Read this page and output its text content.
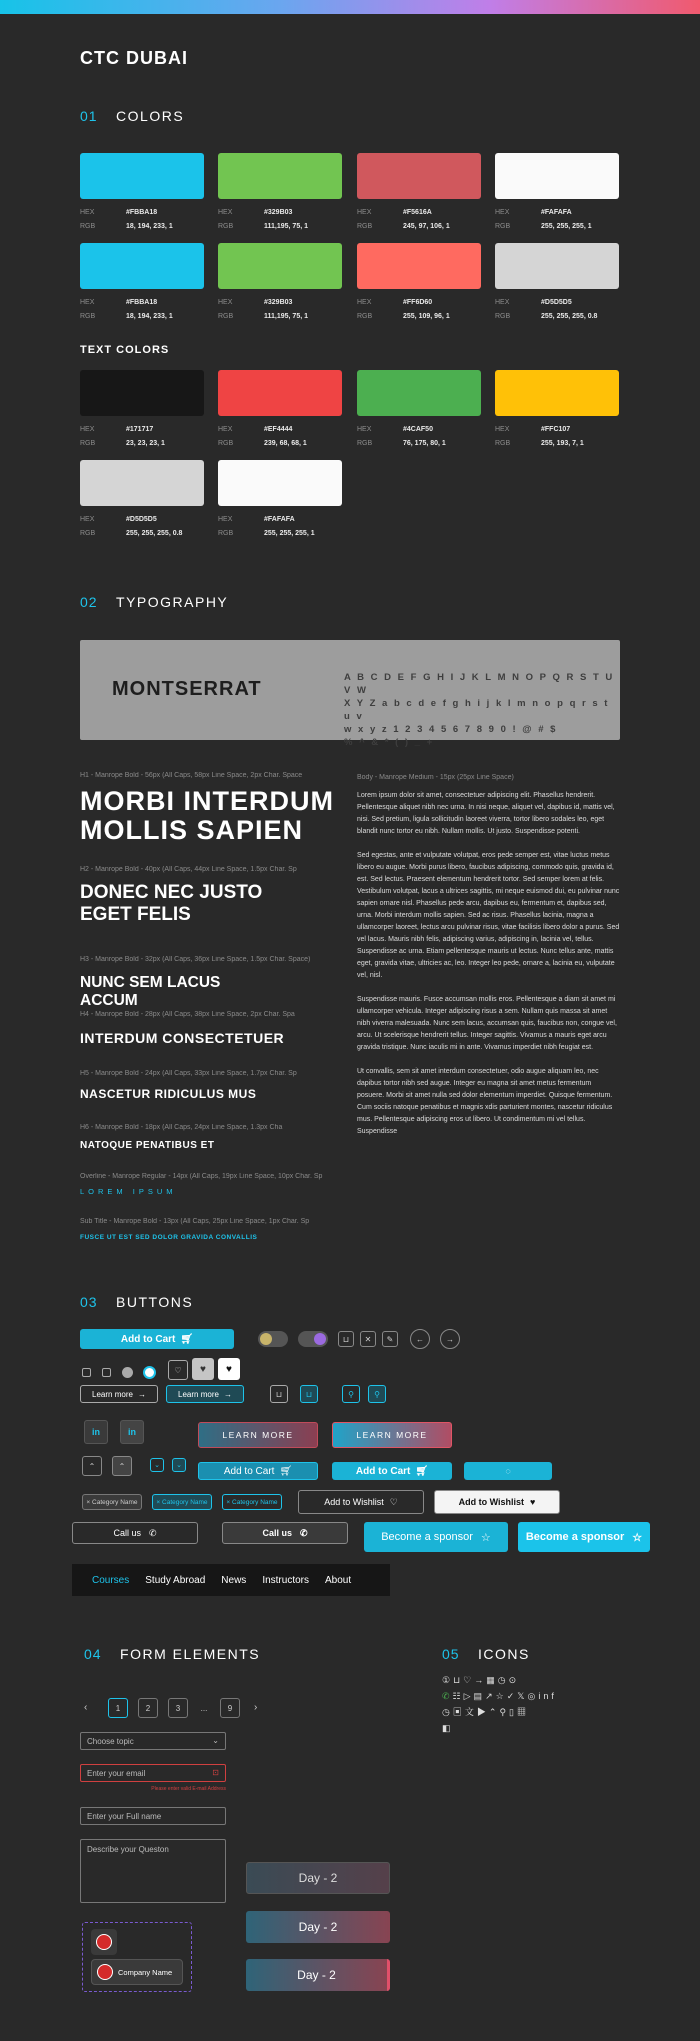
CTC DUBAI
01 COLORS
HEX	#FBBA18
RGB	18, 194, 233, 1
HEX	#329B03
RGB	111,195, 75, 1
HEX	#F5616A
RGB	245, 97, 106, 1
HEX	#FAFAFA
RGB	255, 255, 255, 1
HEX	#FBBA18
RGB	18, 194, 233, 1
HEX	#329B03
RGB	111,195, 75, 1
HEX	#FF6D60
RGB	255, 109, 96, 1
HEX	#D5D5D5
RGB	255, 255, 255, 0.8
TEXT COLORS
HEX	#171717
RGB	23, 23, 23, 1
HEX	#EF4444
RGB	239, 68, 68, 1
HEX	#4CAF50
RGB	76, 175, 80, 1
HEX	#FFC107
RGB	255, 193, 7, 1
HEX	#D5D5D5
RGB	255, 255, 255, 0.8
HEX	#FAFAFA
RGB	255, 255, 255, 1
02 TYPOGRAPHY
MONTSERRAT
A B C D E F G H I J K L M N O P Q R S T U V W
X Y Z a b c d e f g h i j k l m n o p q r s t u v
w x y z 1 2 3 4 5 6 7 8 9 0 ! @ # $
% ^ & * ( ) _ +
H1 - Manrope Bold - 56px (All Caps, 58px Line Space, 2px Char. Space
MORBI INTERDUM
MOLLIS SAPIEN
H2 - Manrope Bold - 40px (All Caps, 44px Line Space, 1.5px Char. Sp
DONEC NEC JUSTO EGET FELIS
H3 - Manrope Bold - 32px (All Caps, 36px Line Space, 1.5px Char. Space)
NUNC SEM LACUS ACCUM
H4 - Manrope Bold - 28px (All Caps, 38px Line Space, 2px Char. Spa
INTERDUM CONSECTETUER
H5 - Manrope Bold - 24px (All Caps, 33px Line Space, 1.7px Char. Sp
NASCETUR RIDICULUS MUS
H6 - Manrope Bold - 18px (All Caps, 24px Line Space, 1.3px Cha
NATOQUE PENATIBUS ET
Overline - Manrope Regular - 14px (All Caps, 19px Line Space, 10px Char. Sp
LOREM IPSUM
Sub Title - Manrope Bold - 13px (All Caps, 25px Line Space, 1px Char. Sp
FUSCE UT EST SED DOLOR GRAVIDA CONVALLIS
Body - Manrope Medium - 15px (25px Line Space)

Lorem ipsum dolor sit amet, consectetuer adipiscing elit. Phasellus hendrerit. Pellentesque aliquet nibh nec urna. In nisi neque, aliquet vel, dapibus id, mattis vel, nisi. Sed pretium, ligula sollicitudin laoreet viverra, tortor libero sodales leo, eget blandit nunc tortor eu nibh. Nullam mollis. Ut justo. Suspendisse potenti.

Sed egestas, ante et vulputate volutpat, eros pede semper est, vitae luctus metus libero eu augue. Morbi purus libero, faucibus adipiscing, commodo quis, gravida id, est. Sed lectus. Praesent elementum hendrerit tortor. Sed semper lorem at felis. Vestibulum volutpat, lacus a ultrices sagittis, mi neque euismod dui, eu pulvinar nunc sapien ornare nisl. Phasellus pede arcu, dapibus eu, fermentum et, dapibus sed, urna. Morbi interdum mollis sapien. Sed ac risus. Phasellus lacinia, magna a ullamcorper laoreet, lectus arcu pulvinar risus, vitae facilisis libero dolor a purus. Sed vel lacus. Mauris nibh felis, adipiscing varius, adipiscing in, lacinia vel, tellus. Suspendisse ac urna. Etiam pellentesque mauris ut lectus. Nunc tellus ante, mattis eget, gravida vitae, ultricies ac, leo. Integer leo pede, ornare a, lacinia eu, vulputate vel, nisl.

Suspendisse mauris. Fusce accumsan mollis eros. Pellentesque a diam sit amet mi ullamcorper vehicula. Integer adipiscing risus a sem. Nullam quis massa sit amet nibh viverra malesuada. Nunc sem lacus, accumsan quis, faucibus non, congue vel, arcu. Ut scelerisque hendrerit tellus. Integer sagittis. Vivamus a mauris eget arcu gravida tristique. Nunc iaculis mi in ante. Vivamus imperdiet nibh feugiat est.

Ut convallis, sem sit amet interdum consectetuer, odio augue aliquam leo, nec dapibus tortor nibh sed augue. Integer eu magna sit amet metus fermentum posuere. Morbi sit amet nulla sed dolor elementum imperdiet. Quisque fermentum. Cum sociis natoque penatibus et magnis xdis parturient montes, nascetur ridiculus mus. Pellentesque adipiscing eros ut libero. Ut condimentum mi vel tellus. Suspendisse

03 BUTTONS
Add to Cart 🛒︎	⊔ ✕ ✎	←	→
♡ ♥ ♥
Learn more →	Learn more →	⊔	⊔	⚲	⚲
in	in	LEARN MORE	LEARN MORE
⌃	⌃	⌄ ⌄	Add to Cart 🛒︎	Add to Cart 🛒︎	◌
× Category Name	× Category Name	× Category Name	Add to Wishlist ♡	Add to Wishlist ♥
Call us ✆	Call us ✆	Become a sponsor ☆	Become a sponsor ☆
Courses Study Abroad News Instructors About
04 FORM ELEMENTS
‹	1	2	3	...	9	›
Choose topic	⌄
Enter your email	⊡
Please enter valid E-mail Address
Enter your Full name
Describe your Queston
Company Name
Day - 2
Day - 2
Day - 2
05 ICONS
①⊔♡→▦◷⊙
✆☷▷▤↗☆✓𝕏◎inf
◷▣文▶⌃⚲▯▦
◧
